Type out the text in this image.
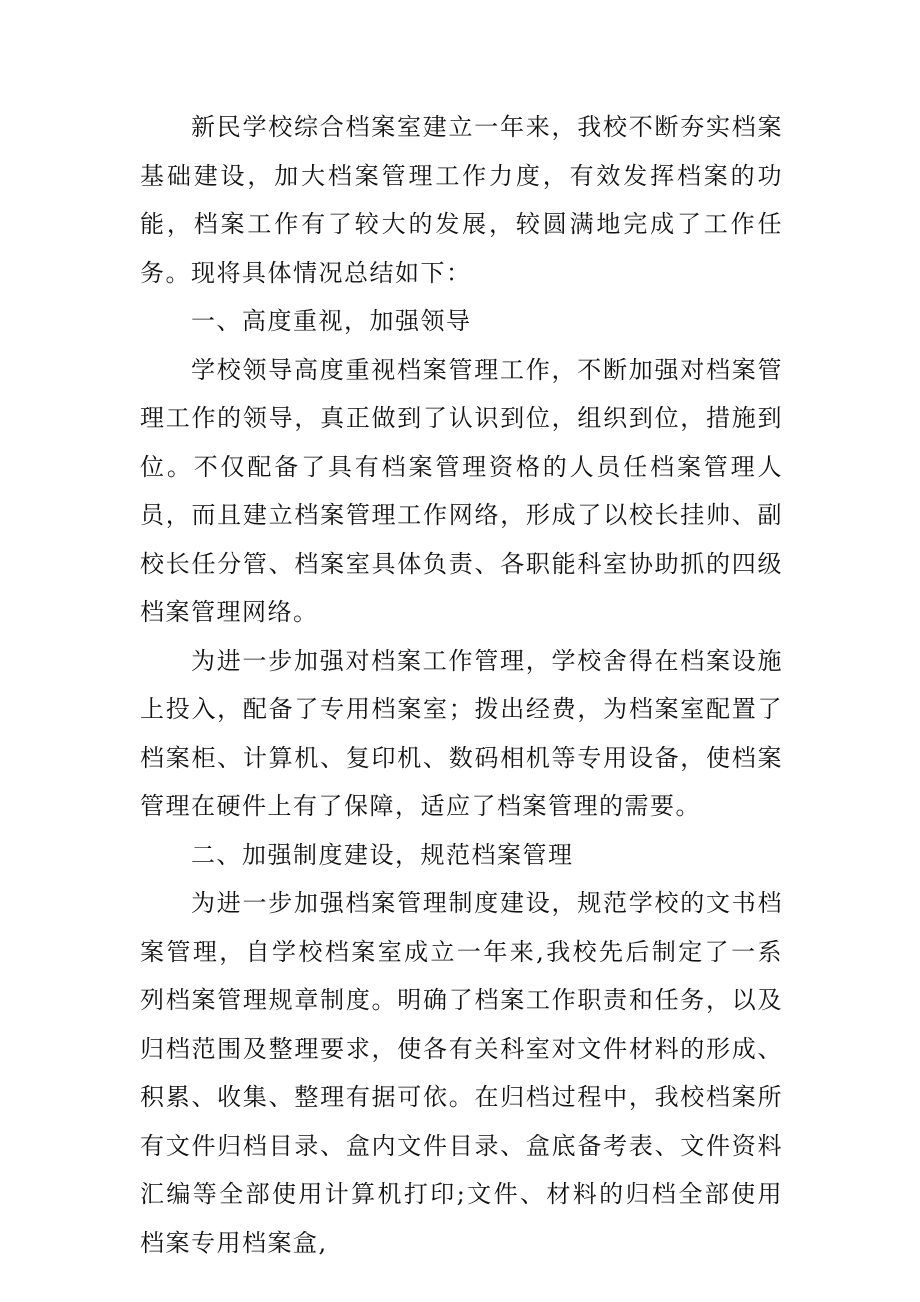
新民学校综合档案室建立一年来，我校不断夯实档案基础建设，加大档案管理工作力度，有效发挥档案的功能，档案工作有了较大的发展，较圆满地完成了工作任务。现将具体情况总结如下：

一、高度重视，加强领导

学校领导高度重视档案管理工作，不断加强对档案管理工作的领导，真正做到了认识到位，组织到位，措施到位。不仅配备了具有档案管理资格的人员任档案管理人员，而且建立档案管理工作网络，形成了以校长挂帅、副校长任分管、档案室具体负责、各职能科室协助抓的四级档案管理网络。

为进一步加强对档案工作管理，学校舍得在档案设施上投入，配备了专用档案室；拨出经费，为档案室配置了档案柜、计算机、复印机、数码相机等专用设备，使档案管理在硬件上有了保障，适应了档案管理的需要。

二、加强制度建设，规范档案管理

为进一步加强档案管理制度建设，规范学校的文书档案管理，自学校档案室成立一年来,我校先后制定了一系列档案管理规章制度。明确了档案工作职责和任务，以及归档范围及整理要求，使各有关科室对文件材料的形成、积累、收集、整理有据可依。在归档过程中，我校档案所有文件归档目录、盒内文件目录、盒底备考表、文件资料汇编等全部使用计算机打印;文件、材料的归档全部使用档案专用档案盒,
